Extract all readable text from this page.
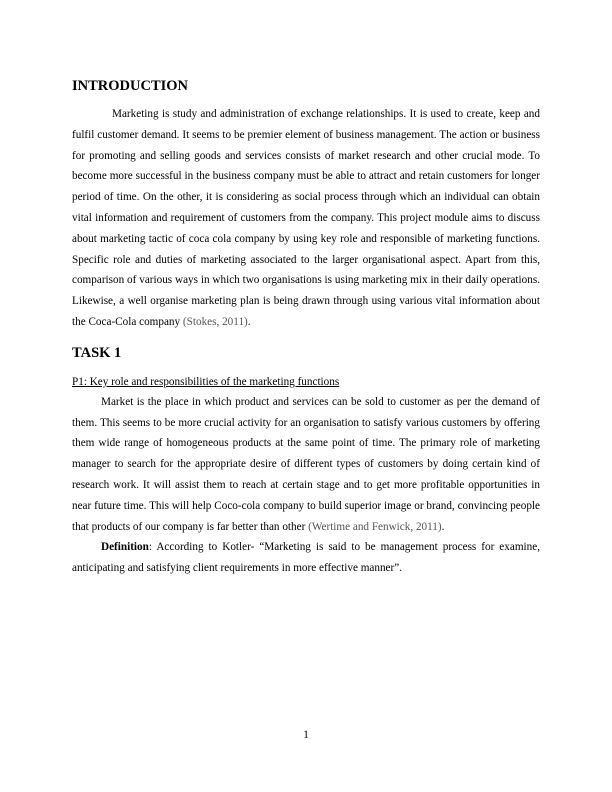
INTRODUCTION

Marketing is study and administration of exchange relationships. It is used to create, keep and fulfil customer demand. It seems to be premier element of business management. The action or business for promoting and selling goods and services consists of market research and other crucial mode. To become more successful in the business company must be able to attract and retain customers for longer period of time. On the other, it is considering as social process through which an individual can obtain vital information and requirement of customers from the company. This project module aims to discuss about marketing tactic of coca cola company by using key role and responsible of marketing functions. Specific role and duties of marketing associated to the larger organisational aspect. Apart from this, comparison of various ways in which two organisations is using marketing mix in their daily operations. Likewise, a well organise marketing plan is being drawn through using various vital information about the Coca-Cola company (Stokes, 2011).

TASK 1

P1: Key role and responsibilities of the marketing functions

Market is the place in which product and services can be sold to customer as per the demand of them. This seems to be more crucial activity for an organisation to satisfy various customers by offering them wide range of homogeneous products at the same point of time. The primary role of marketing manager to search for the appropriate desire of different types of customers by doing certain kind of research work. It will assist them to reach at certain stage and to get more profitable opportunities in near future time. This will help Coco-cola company to build superior image or brand, convincing people that products of our company is far better than other (Wertime and Fenwick, 2011).

Definition: According to Kotler- “Marketing is said to be management process for examine, anticipating and satisfying client requirements in more effective manner”.

1
